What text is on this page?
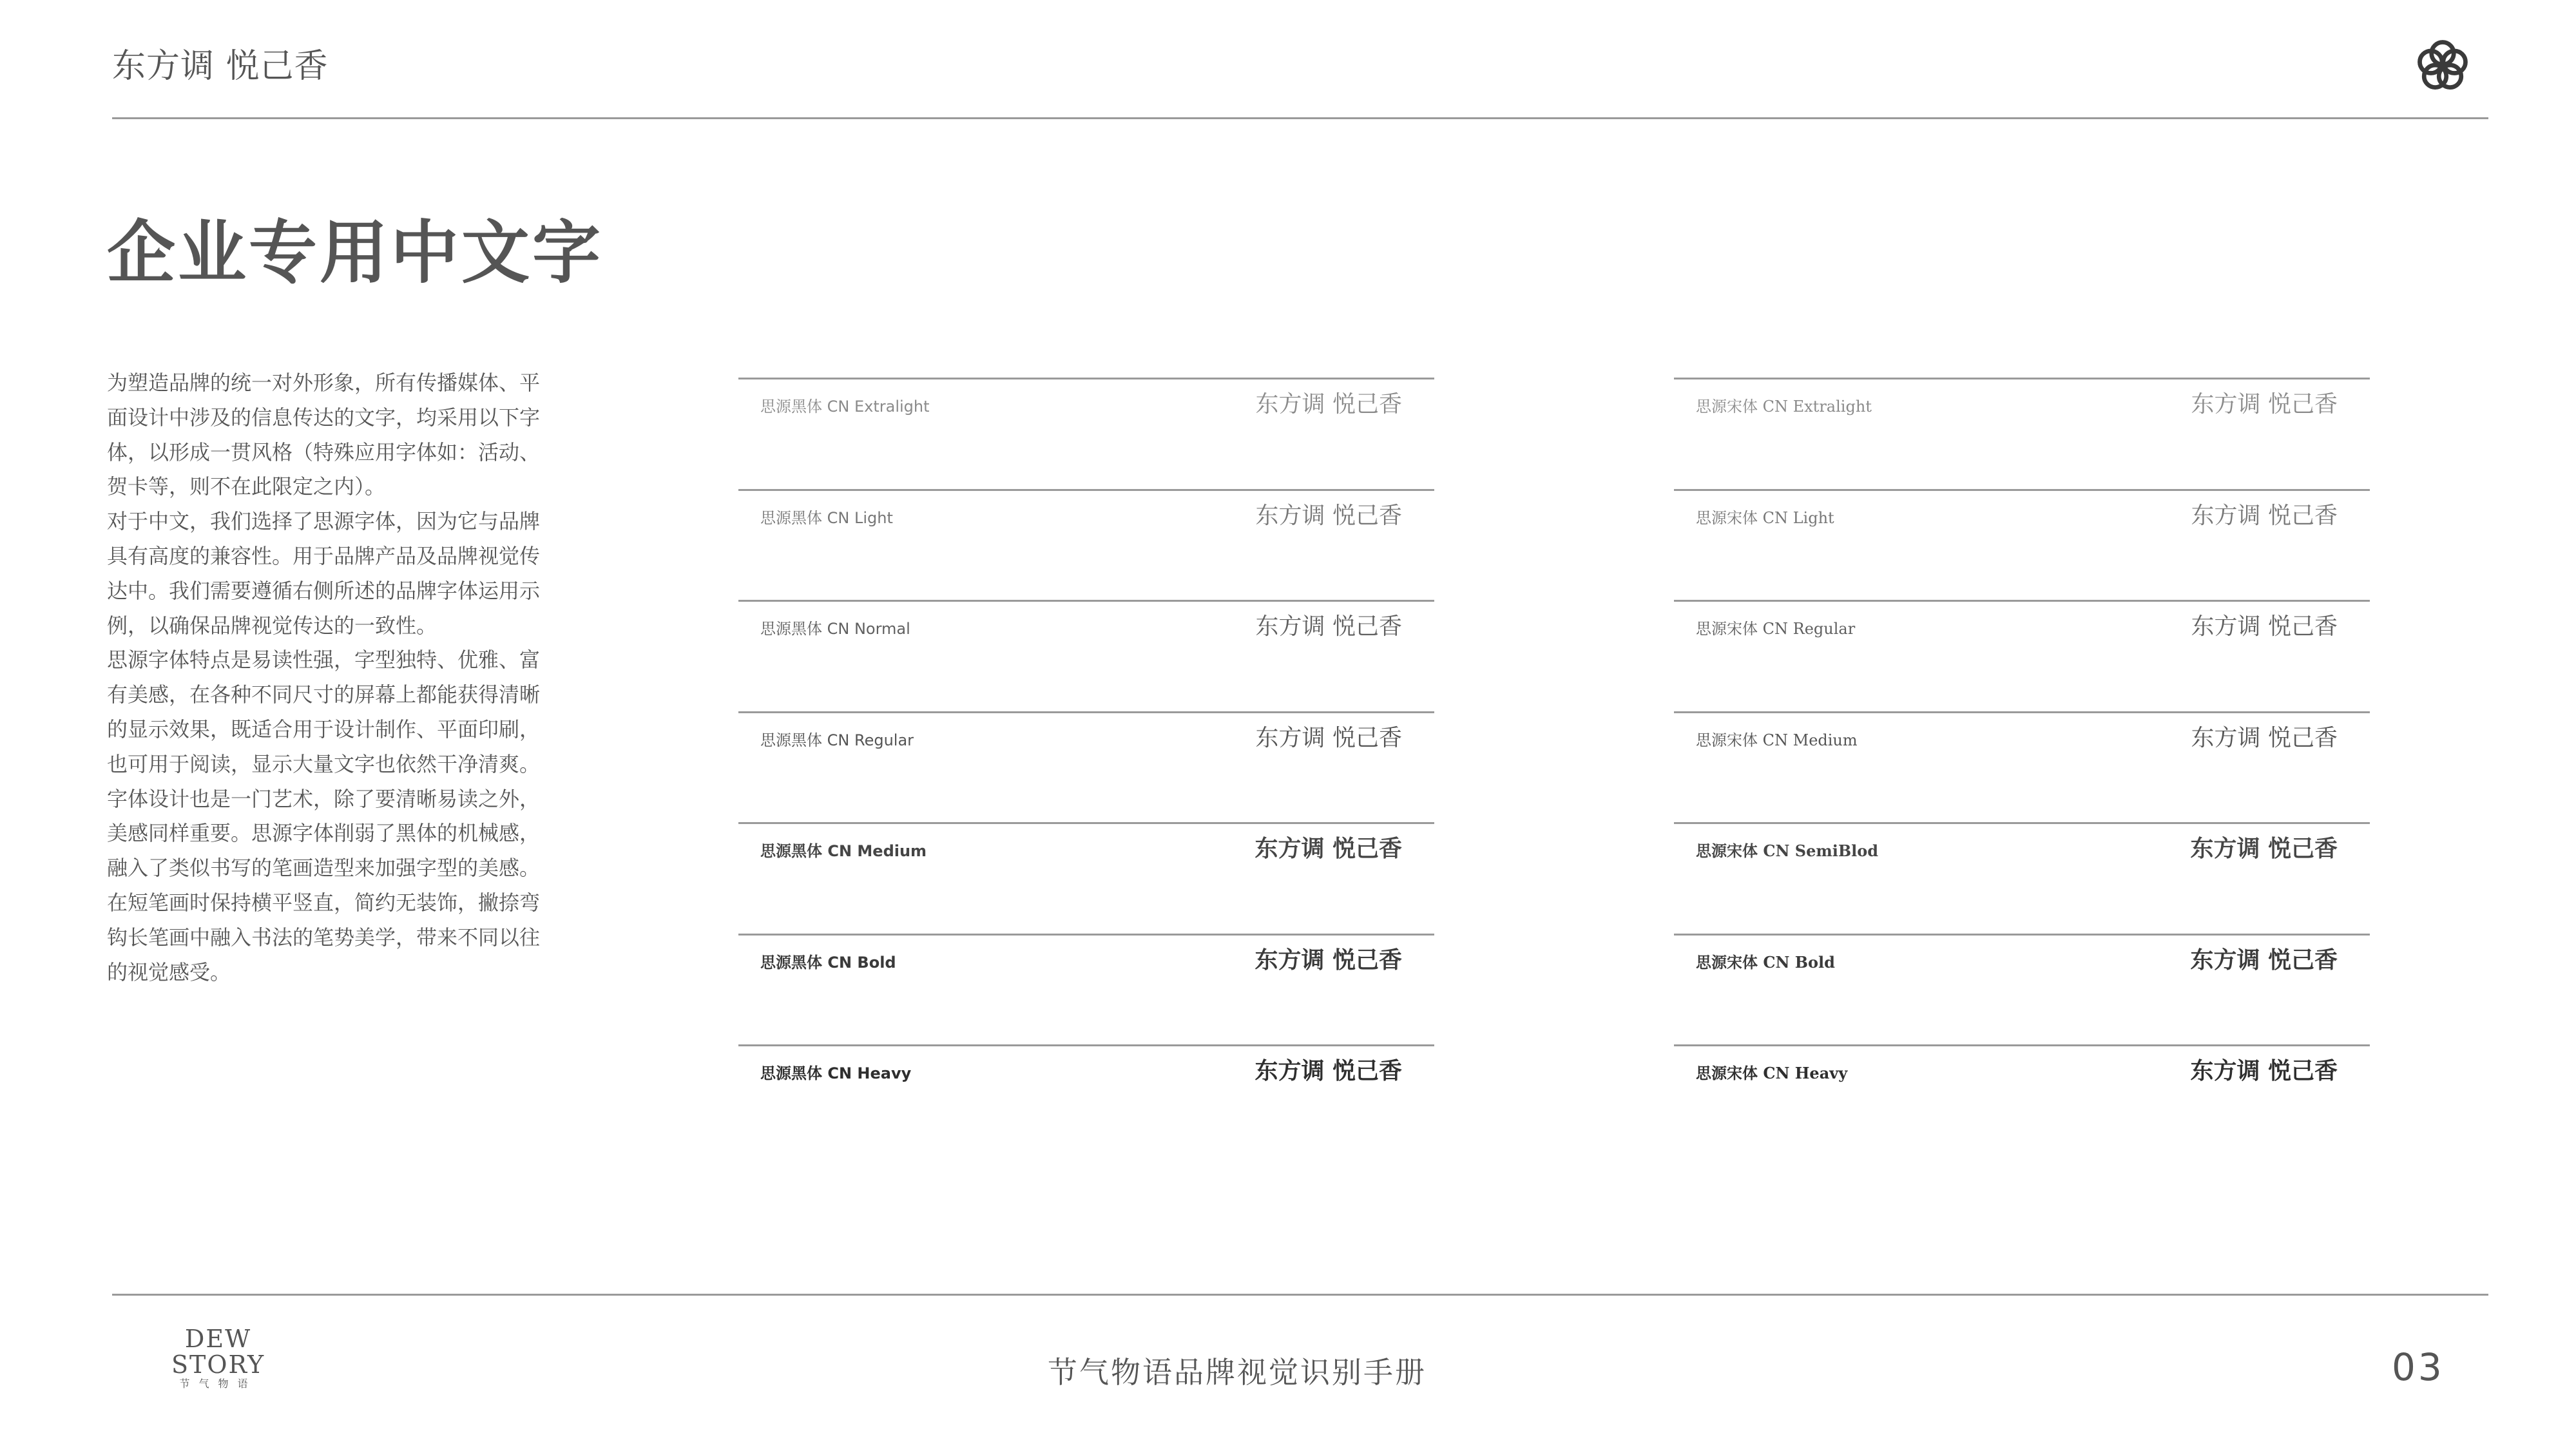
东方调 悦己香
企业专用中文字

为塑造品牌的统一对外形象，所有传播媒体、平面设计中涉及的信息传达的文字，均采用以下字体，以形成一贯风格（特殊应用字体如：活动、贺卡等，则不在此限定之内）。

对于中文，我们选择了思源字体，因为它与品牌具有高度的兼容性。用于品牌产品及品牌视觉传达中。我们需要遵循右侧所述的品牌字体运用示例，以确保品牌视觉传达的一致性。

思源字体特点是易读性强，字型独特、优雅、富有美感，在各种不同尺寸的屏幕上都能获得清晰的显示效果，既适合用于设计制作、平面印刷，也可用于阅读，显示大量文字也依然干净清爽。字体设计也是一门艺术，除了要清晰易读之外，美感同样重要。思源字体削弱了黑体的机械感，融入了类似书写的笔画造型来加强字型的美感。在短笔画时保持横平竖直，简约无装饰，撇捺弯钩长笔画中融入书法的笔势美学，带来不同以往的视觉感受。

思源黑体 CN Extralight	东方调 悦己香
思源黑体 CN Light	东方调 悦己香
思源黑体 CN Normal	东方调 悦己香
思源黑体 CN Regular	东方调 悦己香
思源黑体 CN Medium	东方调 悦己香
思源黑体 CN Bold	东方调 悦己香
思源黑体 CN Heavy	东方调 悦己香
思源宋体 CN Extralight	东方调 悦己香
思源宋体 CN Light	东方调 悦己香
思源宋体 CN Regular	东方调 悦己香
思源宋体 CN Medium	东方调 悦己香
思源宋体 CN SemiBlod	东方调 悦己香
思源宋体 CN Bold	东方调 悦己香
思源宋体 CN Heavy	东方调 悦己香
DEW
STORY
节气物语	节气物语品牌视觉识别手册	03
